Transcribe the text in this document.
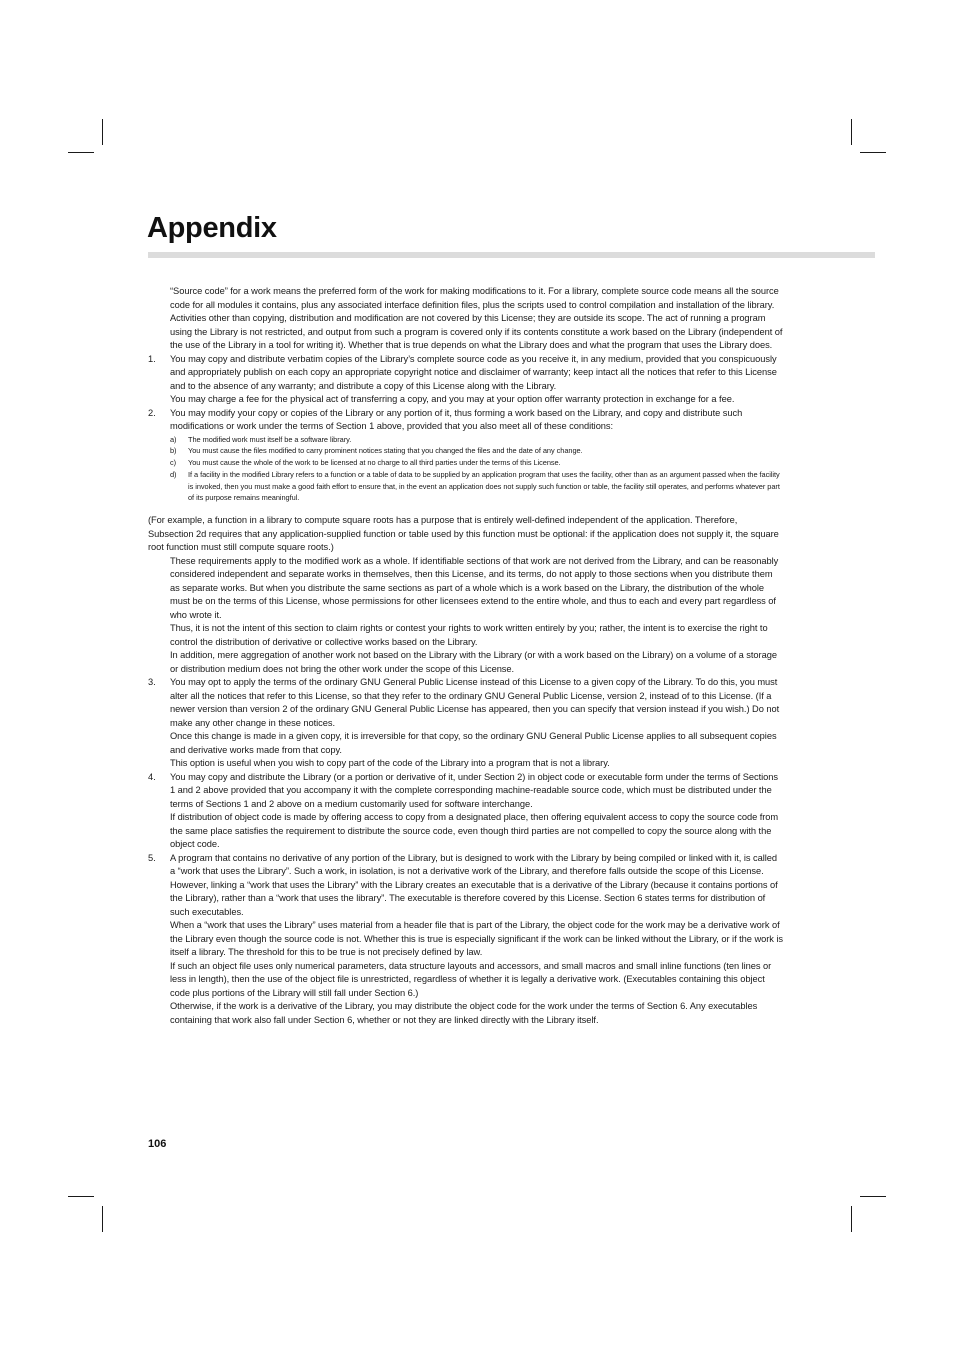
Appendix

“Source code” for a work means the preferred form of the work for making modifications to it. For a library, complete source code means all the source code for all modules it contains, plus any associated interface definition files, plus the scripts used to control compilation and installation of the library.

Activities other than copying, distribution and modification are not covered by this License; they are outside its scope. The act of running a program using the Library is not restricted, and output from such a program is covered only if its contents constitute a work based on the Library (independent of the use of the Library in a tool for writing it). Whether that is true depends on what the Library does and what the program that uses the Library does.

1. You may copy and distribute verbatim copies of the Library’s complete source code as you receive it, in any medium, provided that you conspicuously and appropriately publish on each copy an appropriate copyright notice and disclaimer of warranty; keep intact all the notices that refer to this License and to the absence of any warranty; and distribute a copy of this License along with the Library.

You may charge a fee for the physical act of transferring a copy, and you may at your option offer warranty protection in exchange for a fee.

2. You may modify your copy or copies of the Library or any portion of it, thus forming a work based on the Library, and copy and distribute such modifications or work under the terms of Section 1 above, provided that you also meet all of these conditions:

a) The modified work must itself be a software library.

b) You must cause the files modified to carry prominent notices stating that you changed the files and the date of any change.

c) You must cause the whole of the work to be licensed at no charge to all third parties under the terms of this License.

d) If a facility in the modified Library refers to a function or a table of data to be supplied by an application program that uses the facility, other than as an argument passed when the facility is invoked, then you must make a good faith effort to ensure that, in the event an application does not supply such function or table, the facility still operates, and performs whatever part of its purpose remains meaningful.

(For example, a function in a library to compute square roots has a purpose that is entirely well-defined independent of the application. Therefore, Subsection 2d requires that any application-supplied function or table used by this function must be optional: if the application does not supply it, the square root function must still compute square roots.)

These requirements apply to the modified work as a whole. If identifiable sections of that work are not derived from the Library, and can be reasonably considered independent and separate works in themselves, then this License, and its terms, do not apply to those sections when you distribute them as separate works. But when you distribute the same sections as part of a whole which is a work based on the Library, the distribution of the whole must be on the terms of this License, whose permissions for other licensees extend to the entire whole, and thus to each and every part regardless of who wrote it.

Thus, it is not the intent of this section to claim rights or contest your rights to work written entirely by you; rather, the intent is to exercise the right to control the distribution of derivative or collective works based on the Library.

In addition, mere aggregation of another work not based on the Library with the Library (or with a work based on the Library) on a volume of a storage or distribution medium does not bring the other work under the scope of this License.

3. You may opt to apply the terms of the ordinary GNU General Public License instead of this License to a given copy of the Library. To do this, you must alter all the notices that refer to this License, so that they refer to the ordinary GNU General Public License, version 2, instead of to this License. (If a newer version than version 2 of the ordinary GNU General Public License has appeared, then you can specify that version instead if you wish.) Do not make any other change in these notices.

Once this change is made in a given copy, it is irreversible for that copy, so the ordinary GNU General Public License applies to all subsequent copies and derivative works made from that copy.

This option is useful when you wish to copy part of the code of the Library into a program that is not a library.

4. You may copy and distribute the Library (or a portion or derivative of it, under Section 2) in object code or executable form under the terms of Sections 1 and 2 above provided that you accompany it with the complete corresponding machine-readable source code, which must be distributed under the terms of Sections 1 and 2 above on a medium customarily used for software interchange.

If distribution of object code is made by offering access to copy from a designated place, then offering equivalent access to copy the source code from the same place satisfies the requirement to distribute the source code, even though third parties are not compelled to copy the source along with the object code.

5. A program that contains no derivative of any portion of the Library, but is designed to work with the Library by being compiled or linked with it, is called a “work that uses the Library”. Such a work, in isolation, is not a derivative work of the Library, and therefore falls outside the scope of this License.

However, linking a “work that uses the Library” with the Library creates an executable that is a derivative of the Library (because it contains portions of the Library), rather than a “work that uses the library”. The executable is therefore covered by this License. Section 6 states terms for distribution of such executables.

When a “work that uses the Library” uses material from a header file that is part of the Library, the object code for the work may be a derivative work of the Library even though the source code is not. Whether this is true is especially significant if the work can be linked without the Library, or if the work is itself a library. The threshold for this to be true is not precisely defined by law.

If such an object file uses only numerical parameters, data structure layouts and accessors, and small macros and small inline functions (ten lines or less in length), then the use of the object file is unrestricted, regardless of whether it is legally a derivative work. (Executables containing this object code plus portions of the Library will still fall under Section 6.)

Otherwise, if the work is a derivative of the Library, you may distribute the object code for the work under the terms of Section 6. Any executables containing that work also fall under Section 6, whether or not they are linked directly with the Library itself.

106
